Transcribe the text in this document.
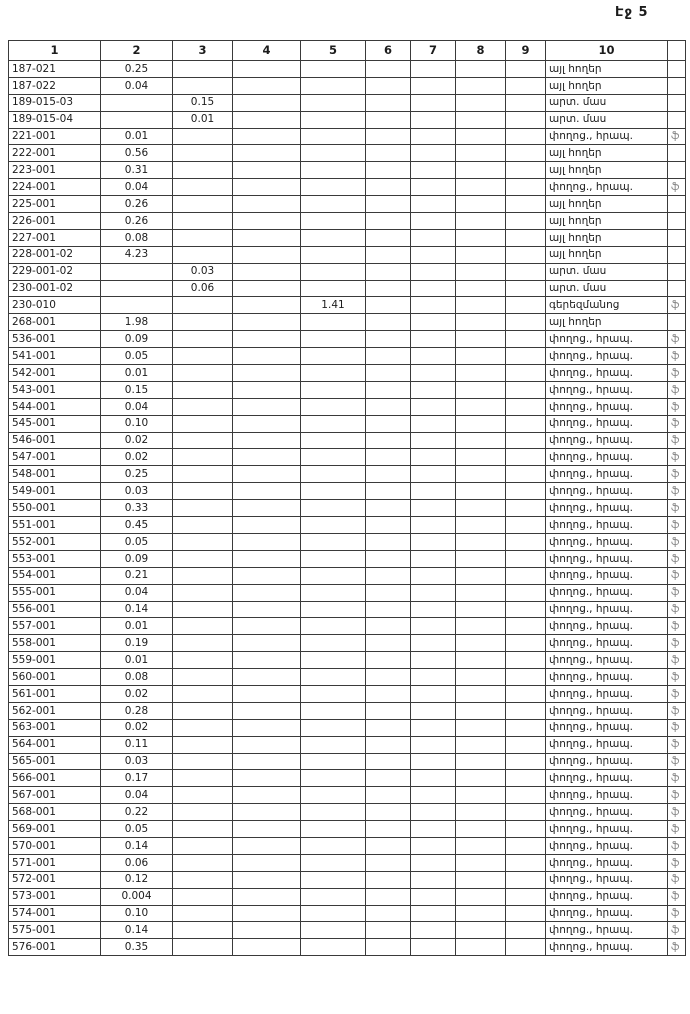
Էջ 5
1	2	3	4	5	6	7	8	9	10	
187-021	0.25								այլ հողեր	
187-022	0.04								այլ հողեր	
189-015-03		0.15							արտ. մաս	
189-015-04		0.01							արտ. մաս	
221-001	0.01								փողոց., հրապ.	ֆ
222-001	0.56								այլ հողեր	
223-001	0.31								այլ հողեր	
224-001	0.04								փողոց., հրապ.	ֆ
225-001	0.26								այլ հողեր	
226-001	0.26								այլ հողեր	
227-001	0.08								այլ հողեր	
228-001-02	4.23								այլ հողեր	
229-001-02		0.03							արտ. մաս	
230-001-02		0.06							արտ. մաս	
230-010				1.41					գերեզմանոց	ֆ
268-001	1.98								այլ հողեր	
536-001	0.09								փողոց., հրապ.	ֆ
541-001	0.05								փողոց., հրապ.	ֆ
542-001	0.01								փողոց., հրապ.	ֆ
543-001	0.15								փողոց., հրապ.	ֆ
544-001	0.04								փողոց., հրապ.	ֆ
545-001	0.10								փողոց., հրապ.	ֆ
546-001	0.02								փողոց., հրապ.	ֆ
547-001	0.02								փողոց., հրապ.	ֆ
548-001	0.25								փողոց., հրապ.	ֆ
549-001	0.03								փողոց., հրապ.	ֆ
550-001	0.33								փողոց., հրապ.	ֆ
551-001	0.45								փողոց., հրապ.	ֆ
552-001	0.05								փողոց., հրապ.	ֆ
553-001	0.09								փողոց., հրապ.	ֆ
554-001	0.21								փողոց., հրապ.	ֆ
555-001	0.04								փողոց., հրապ.	ֆ
556-001	0.14								փողոց., հրապ.	ֆ
557-001	0.01								փողոց., հրապ.	ֆ
558-001	0.19								փողոց., հրապ.	ֆ
559-001	0.01								փողոց., հրապ.	ֆ
560-001	0.08								փողոց., հրապ.	ֆ
561-001	0.02								փողոց., հրապ.	ֆ
562-001	0.28								փողոց., հրապ.	ֆ
563-001	0.02								փողոց., հրապ.	ֆ
564-001	0.11								փողոց., հրապ.	ֆ
565-001	0.03								փողոց., հրապ.	ֆ
566-001	0.17								փողոց., հրապ.	ֆ
567-001	0.04								փողոց., հրապ.	ֆ
568-001	0.22								փողոց., հրապ.	ֆ
569-001	0.05								փողոց., հրապ.	ֆ
570-001	0.14								փողոց., հրապ.	ֆ
571-001	0.06								փողոց., հրապ.	ֆ
572-001	0.12								փողոց., հրապ.	ֆ
573-001	0.004								փողոց., հրապ.	ֆ
574-001	0.10								փողոց., հրապ.	ֆ
575-001	0.14								փողոց., հրապ.	ֆ
576-001	0.35								փողոց., հրապ.	ֆ
